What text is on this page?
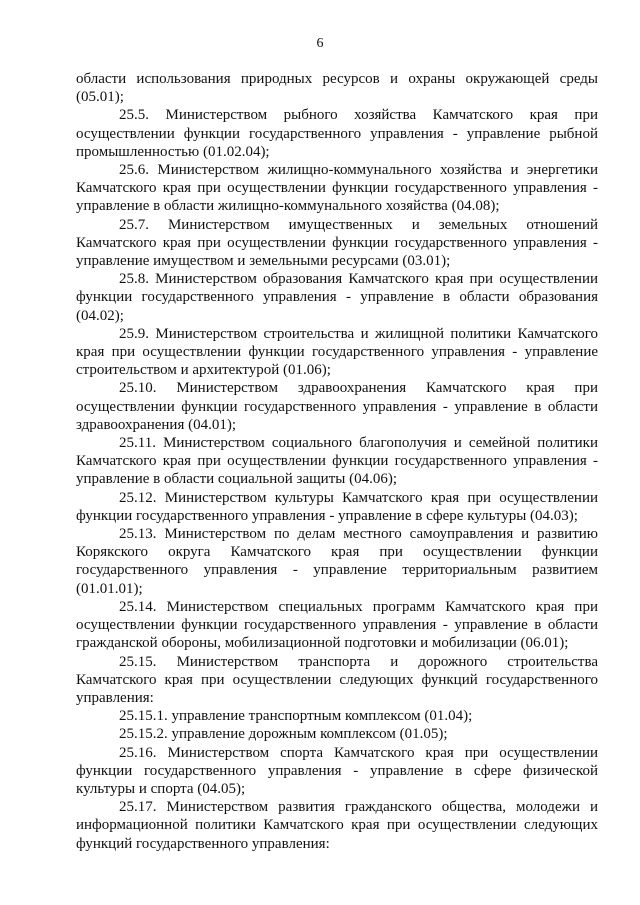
6

области использования природных ресурсов и охраны окружающей среды (05.01);

25.5. Министерством рыбного хозяйства Камчатского края при осуществлении функции государственного управления - управление рыбной промышленностью (01.02.04);

25.6. Министерством жилищно-коммунального хозяйства и энергетики Камчатского края при осуществлении функции государственного управления - управление в области жилищно-коммунального хозяйства (04.08);

25.7. Министерством имущественных и земельных отношений Камчатского края при осуществлении функции государственного управления - управление имуществом и земельными ресурсами (03.01);

25.8. Министерством образования Камчатского края при осуществлении функции государственного управления - управление в области образования (04.02);

25.9. Министерством строительства и жилищной политики Камчатского края при осуществлении функции государственного управления - управление строительством и архитектурой (01.06);

25.10. Министерством здравоохранения Камчатского края при осуществлении функции государственного управления - управление в области здравоохранения (04.01);

25.11. Министерством социального благополучия и семейной политики Камчатского края при осуществлении функции государственного управления - управление в области социальной защиты (04.06);

25.12. Министерством культуры Камчатского края при осуществлении функции государственного управления - управление в сфере культуры (04.03);

25.13. Министерством по делам местного самоуправления и развитию Корякского округа Камчатского края при осуществлении функции государственного управления - управление территориальным развитием (01.01.01);

25.14. Министерством специальных программ Камчатского края при осуществлении функции государственного управления - управление в области гражданской обороны, мобилизационной подготовки и мобилизации (06.01);

25.15. Министерством транспорта и дорожного строительства Камчатского края при осуществлении следующих функций государственного управления:

25.15.1. управление транспортным комплексом (01.04);

25.15.2. управление дорожным комплексом (01.05);

25.16. Министерством спорта Камчатского края при осуществлении функции государственного управления - управление в сфере физической культуры и спорта (04.05);

25.17. Министерством развития гражданского общества, молодежи и информационной политики Камчатского края при осуществлении следующих функций государственного управления:
